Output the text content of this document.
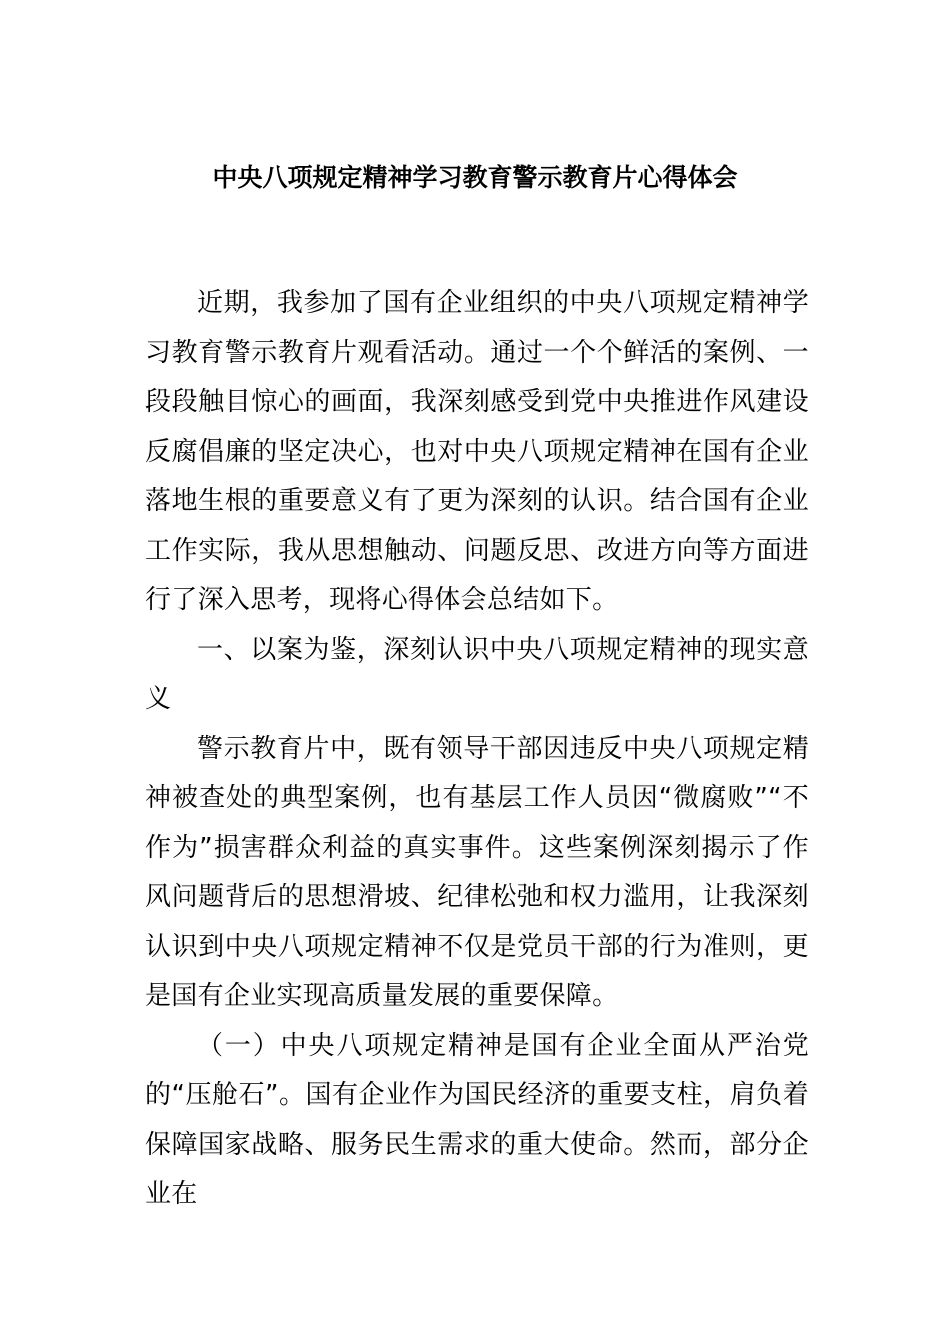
中央八项规定精神学习教育警示教育片心得体会

近期，我参加了国有企业组织的中央八项规定精神学习教育警示教育片观看活动。通过一个个鲜活的案例、一段段触目惊心的画面，我深刻感受到党中央推进作风建设反腐倡廉的坚定决心，也对中央八项规定精神在国有企业落地生根的重要意义有了更为深刻的认识。结合国有企业工作实际，我从思想触动、问题反思、改进方向等方面进行了深入思考，现将心得体会总结如下。

一、以案为鉴，深刻认识中央八项规定精神的现实意义

警示教育片中，既有领导干部因违反中央八项规定精神被查处的典型案例，也有基层工作人员因“微腐败”“不作为”损害群众利益的真实事件。这些案例深刻揭示了作风问题背后的思想滑坡、纪律松弛和权力滥用，让我深刻认识到中央八项规定精神不仅是党员干部的行为准则，更是国有企业实现高质量发展的重要保障。

（一）中央八项规定精神是国有企业全面从严治党的“压舱石”。国有企业作为国民经济的重要支柱，肩负着保障国家战略、服务民生需求的重大使命。然而，部分企业在
